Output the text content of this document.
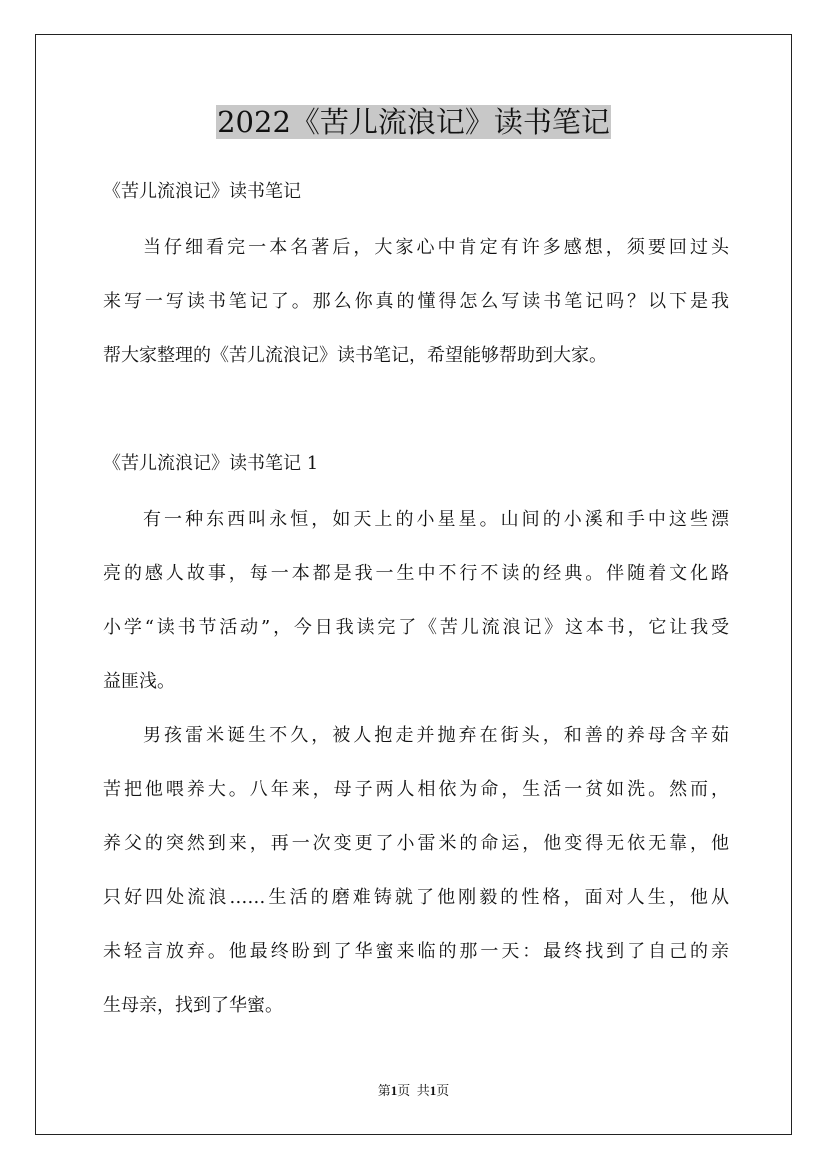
2022《苦儿流浪记》读书笔记
《苦儿流浪记》读书笔记
当仔细看完一本名著后，大家心中肯定有许多感想，须要回过头
来写一写读书笔记了。那么你真的懂得怎么写读书笔记吗？以下是我
帮大家整理的《苦儿流浪记》读书笔记，希望能够帮助到大家。
《苦儿流浪记》读书笔记 1
有一种东西叫永恒，如天上的小星星。山间的小溪和手中这些漂
亮的感人故事，每一本都是我一生中不行不读的经典。伴随着文化路
小学“读书节活动”，今日我读完了《苦儿流浪记》这本书，它让我受
益匪浅。
男孩雷米诞生不久，被人抱走并抛弃在街头，和善的养母含辛茹
苦把他喂养大。八年来，母子两人相依为命，生活一贫如洗。然而，
养父的突然到来，再一次变更了小雷米的命运，他变得无依无靠，他
只好四处流浪……生活的磨难铸就了他刚毅的性格，面对人生，他从
未轻言放弃。他最终盼到了华蜜来临的那一天：最终找到了自己的亲
生母亲，找到了华蜜。
第1页 共1页
